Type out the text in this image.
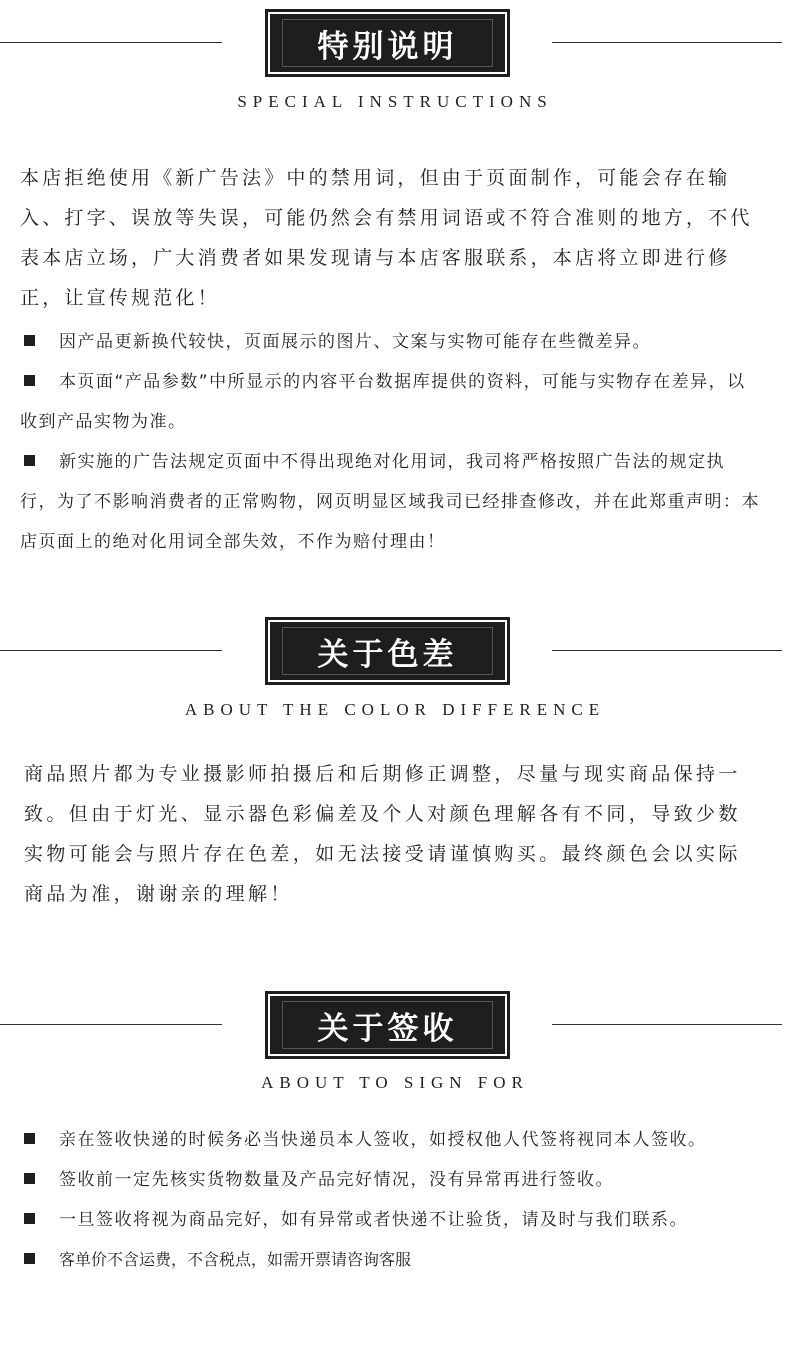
特别说明
SPECIAL INSTRUCTIONS
本店拒绝使用《新广告法》中的禁用词，但由于页面制作，可能会存在输入、打字、误放等失误，可能仍然会有禁用词语或不符合准则的地方，不代表本店立场，广大消费者如果发现请与本店客服联系，本店将立即进行修正，让宣传规范化！
因产品更新换代较快，页面展示的图片、文案与实物可能存在些微差异。
本页面“产品参数”中所显示的内容平台数据库提供的资料，可能与实物存在差异，以收到产品实物为准。
新实施的广告法规定页面中不得出现绝对化用词，我司将严格按照广告法的规定执行，为了不影响消费者的正常购物，网页明显区域我司已经排查修改，并在此郑重声明：本店页面上的绝对化用词全部失效，不作为赔付理由！
关于色差
ABOUT THE COLOR DIFFERENCE
商品照片都为专业摄影师拍摄后和后期修正调整，尽量与现实商品保持一致。但由于灯光、显示器色彩偏差及个人对颜色理解各有不同，导致少数实物可能会与照片存在色差，如无法接受请谨慎购买。最终颜色会以实际商品为准，谢谢亲的理解！
关于签收
ABOUT TO SIGN FOR
亲在签收快递的时候务必当快递员本人签收，如授权他人代签将视同本人签收。
签收前一定先核实货物数量及产品完好情况，没有异常再进行签收。
一旦签收将视为商品完好，如有异常或者快递不让验货，请及时与我们联系。
客单价不含运费，不含税点，如需开票请咨询客服
